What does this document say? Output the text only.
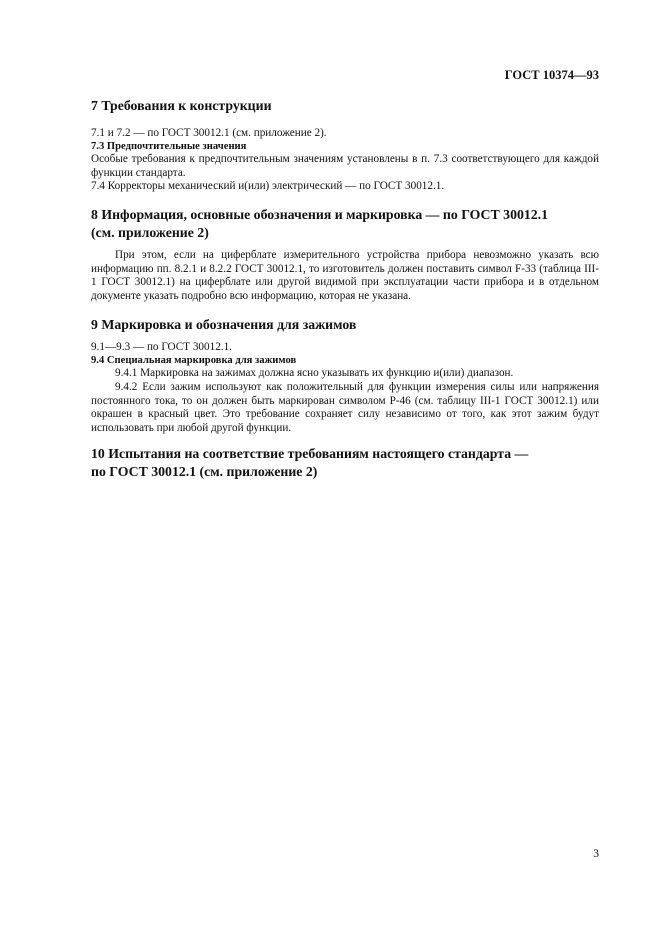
ГОСТ 10374—93
7 Требования к конструкции
7.1 и 7.2 — по ГОСТ 30012.1 (см. приложение 2).
7.3 Предпочтительные значения
Особые требования к предпочтительным значениям установлены в п. 7.3 соответствующего для каждой функции стандарта.
7.4 Корректоры механический и(или) электрический — по ГОСТ 30012.1.
8 Информация, основные обозначения и маркировка — по ГОСТ 30012.1
(см. приложение 2)
При этом, если на циферблате измерительного устройства прибора невозможно указать всю информацию пп. 8.2.1 и 8.2.2 ГОСТ 30012.1, то изготовитель должен поставить символ F-33 (таблица III-1 ГОСТ 30012.1) на циферблате или другой видимой при эксплуатации части прибора и в отдельном документе указать подробно всю информацию, которая не указана.
9 Маркировка и обозначения для зажимов
9.1—9.3 — по ГОСТ 30012.1.
9.4 Специальная маркировка для зажимов
9.4.1 Маркировка на зажимах должна ясно указывать их функцию и(или) диапазон.
9.4.2 Если зажим используют как положительный для функции измерения силы или напряжения постоянного тока, то он должен быть маркирован символом Р-46 (см. таблицу III-1 ГОСТ 30012.1) или окрашен в красный цвет. Это требование сохраняет силу независимо от того, как этот зажим будут использовать при любой другой функции.
10 Испытания на соответствие требованиям настоящего стандарта —
по ГОСТ 30012.1 (см. приложение 2)
3
